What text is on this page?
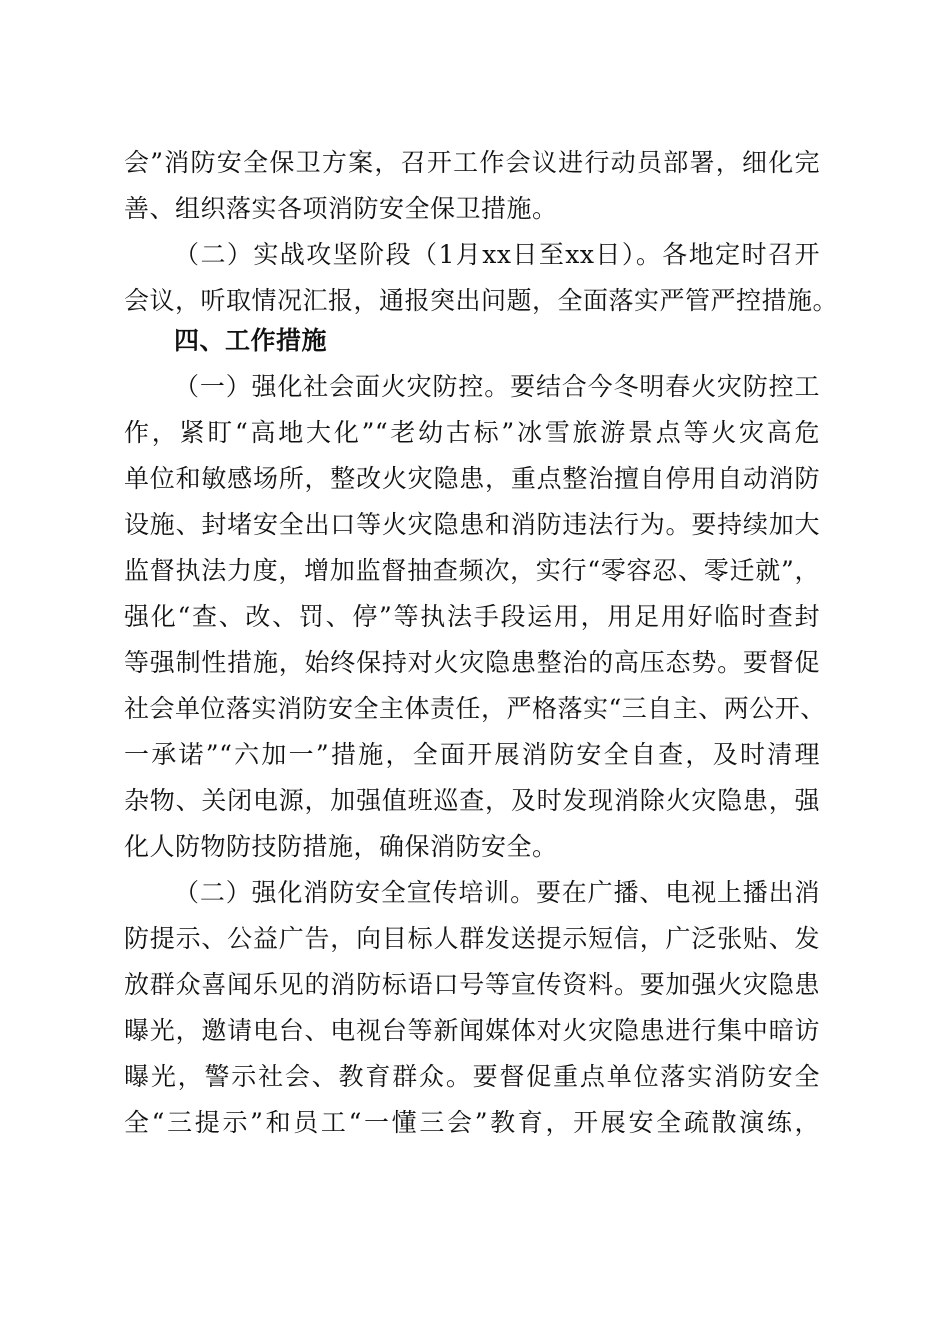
会”消防安全保卫方案，召开工作会议进行动员部署，细化完
善、组织落实各项消防安全保卫措施。
（二）实战攻坚阶段（1月xx日至xx日）。各地定时召开
会议，听取情况汇报，通报突出问题，全面落实严管严控措施。
四、工作措施
（一）强化社会面火灾防控。要结合今冬明春火灾防控工
作，紧盯“高地大化”“老幼古标”冰雪旅游景点等火灾高危
单位和敏感场所，整改火灾隐患，重点整治擅自停用自动消防
设施、封堵安全出口等火灾隐患和消防违法行为。要持续加大
监督执法力度，增加监督抽查频次，实行“零容忍、零迁就”，
强化“查、改、罚、停”等执法手段运用，用足用好临时查封
等强制性措施，始终保持对火灾隐患整治的高压态势。要督促
社会单位落实消防安全主体责任，严格落实“三自主、两公开、
一承诺”“六加一”措施，全面开展消防安全自查，及时清理
杂物、关闭电源，加强值班巡查，及时发现消除火灾隐患，强
化人防物防技防措施，确保消防安全。
（二）强化消防安全宣传培训。要在广播、电视上播出消
防提示、公益广告，向目标人群发送提示短信，广泛张贴、发
放群众喜闻乐见的消防标语口号等宣传资料。要加强火灾隐患
曝光，邀请电台、电视台等新闻媒体对火灾隐患进行集中暗访
曝光，警示社会、教育群众。要督促重点单位落实消防安全
全“三提示”和员工“一懂三会”教育，开展安全疏散演练，
